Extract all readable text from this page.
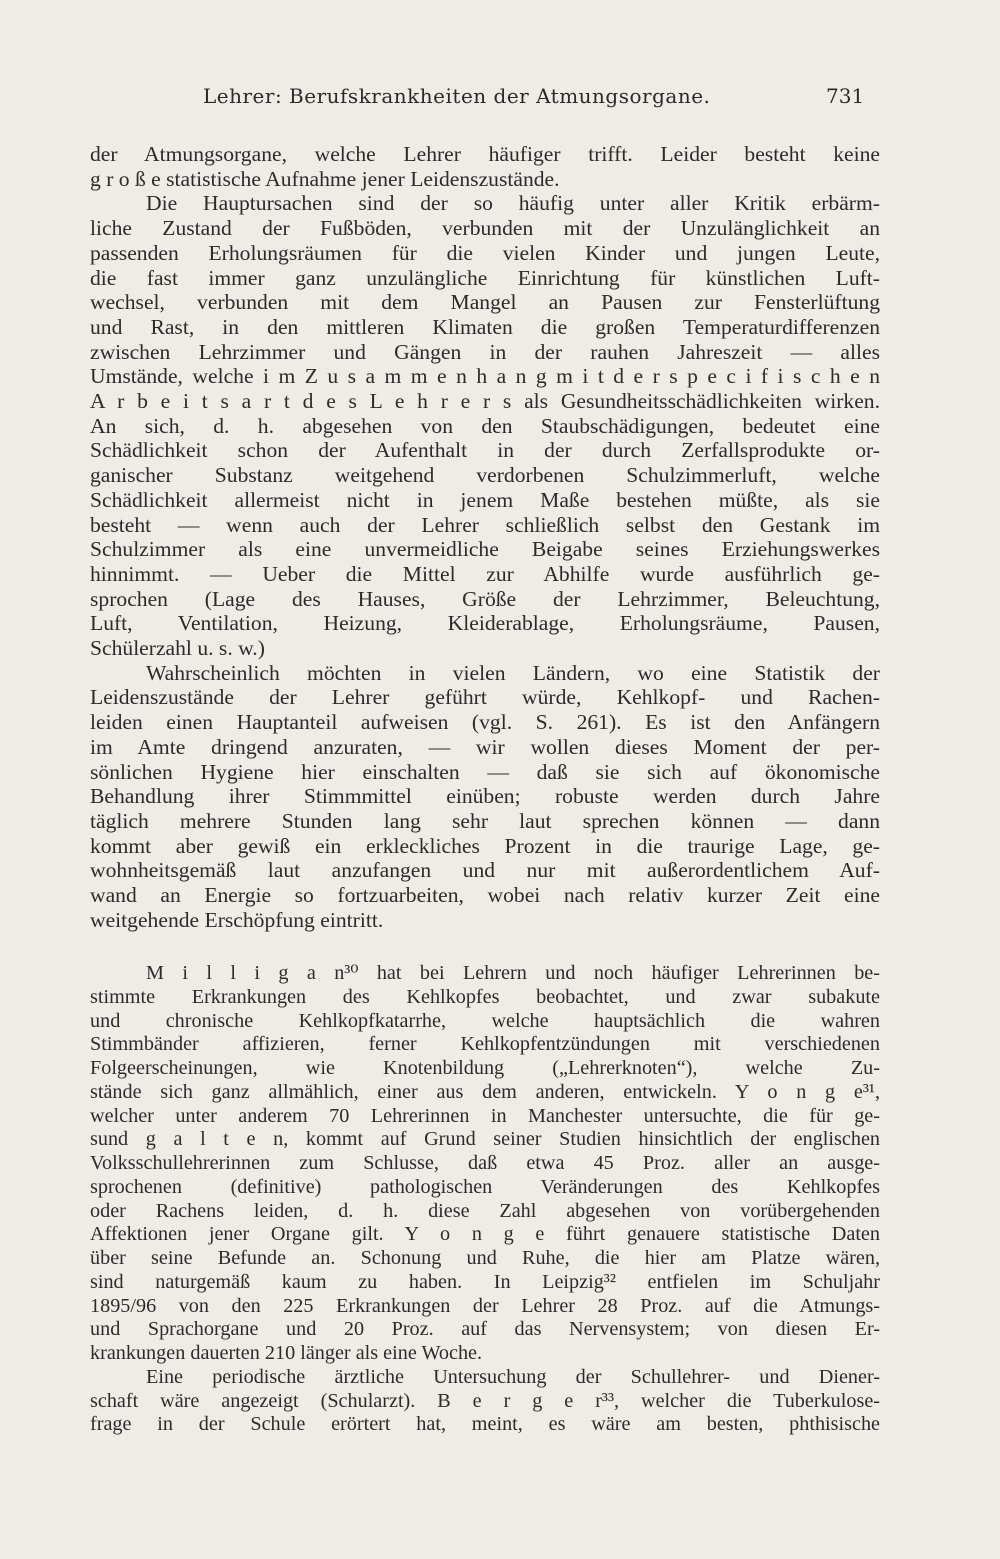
Lehrer: Berufskrankheiten der Atmungsorgane.	731
der Atmungsorgane, welche Lehrer häufiger trifft. Leider besteht keine
g r o ß e statistische Aufnahme jener Leidenszustände.
Die Hauptursachen sind der so häufig unter aller Kritik erbärm-
liche Zustand der Fußböden, verbunden mit der Unzulänglichkeit an
passenden Erholungsräumen für die vielen Kinder und jungen Leute,
die fast immer ganz unzulängliche Einrichtung für künstlichen Luft-
wechsel, verbunden mit dem Mangel an Pausen zur Fensterlüftung
und Rast, in den mittleren Klimaten die großen Temperaturdifferenzen
zwischen Lehrzimmer und Gängen in der rauhen Jahreszeit — alles
Umstände, welche i m Z u s a m m e n h a n g m i t d e r s p e c i f i s c h e n
A r b e i t s a r t d e s L e h r e r s als Gesundheitsschädlichkeiten wirken.
An sich, d. h. abgesehen von den Staubschädigungen, bedeutet eine
Schädlichkeit schon der Aufenthalt in der durch Zerfallsprodukte or-
ganischer Substanz weitgehend verdorbenen Schulzimmerluft, welche
Schädlichkeit allermeist nicht in jenem Maße bestehen müßte, als sie
besteht — wenn auch der Lehrer schließlich selbst den Gestank im
Schulzimmer als eine unvermeidliche Beigabe seines Erziehungswerkes
hinnimmt. — Ueber die Mittel zur Abhilfe wurde ausführlich ge-
sprochen (Lage des Hauses, Größe der Lehrzimmer, Beleuchtung,
Luft, Ventilation, Heizung, Kleiderablage, Erholungsräume, Pausen,
Schülerzahl u. s. w.)
Wahrscheinlich möchten in vielen Ländern, wo eine Statistik der
Leidenszustände der Lehrer geführt würde, Kehlkopf- und Rachen-
leiden einen Hauptanteil aufweisen (vgl. S. 261). Es ist den Anfängern
im Amte dringend anzuraten, — wir wollen dieses Moment der per-
sönlichen Hygiene hier einschalten — daß sie sich auf ökonomische
Behandlung ihrer Stimmmittel einüben; robuste werden durch Jahre
täglich mehrere Stunden lang sehr laut sprechen können — dann
kommt aber gewiß ein erkleckliches Prozent in die traurige Lage, ge-
wohnheitsgemäß laut anzufangen und nur mit außerordentlichem Auf-
wand an Energie so fortzuarbeiten, wobei nach relativ kurzer Zeit eine
weitgehende Erschöpfung eintritt.
M i l l i g a n³⁰ hat bei Lehrern und noch häufiger Lehrerinnen be-
stimmte Erkrankungen des Kehlkopfes beobachtet, und zwar subakute
und chronische Kehlkopfkatarrhe, welche hauptsächlich die wahren
Stimmbänder affizieren, ferner Kehlkopfentzündungen mit verschiedenen
Folgeerscheinungen, wie Knotenbildung („Lehrerknoten“), welche Zu-
stände sich ganz allmählich, einer aus dem anderen, entwickeln. Y o n g e³¹,
welcher unter anderem 70 Lehrerinnen in Manchester untersuchte, die für ge-
sund g a l t e n, kommt auf Grund seiner Studien hinsichtlich der englischen
Volksschullehrerinnen zum Schlusse, daß etwa 45 Proz. aller an ausge-
sprochenen (definitive) pathologischen Veränderungen des Kehlkopfes
oder Rachens leiden, d. h. diese Zahl abgesehen von vorübergehenden
Affektionen jener Organe gilt. Y o n g e führt genauere statistische Daten
über seine Befunde an. Schonung und Ruhe, die hier am Platze wären,
sind naturgemäß kaum zu haben. In Leipzig³² entfielen im Schuljahr
1895/96 von den 225 Erkrankungen der Lehrer 28 Proz. auf die Atmungs-
und Sprachorgane und 20 Proz. auf das Nervensystem; von diesen Er-
krankungen dauerten 210 länger als eine Woche.
Eine periodische ärztliche Untersuchung der Schullehrer- und Diener-
schaft wäre angezeigt (Schularzt). B e r g e r³³, welcher die Tuberkulose-
frage in der Schule erörtert hat, meint, es wäre am besten, phthisische
